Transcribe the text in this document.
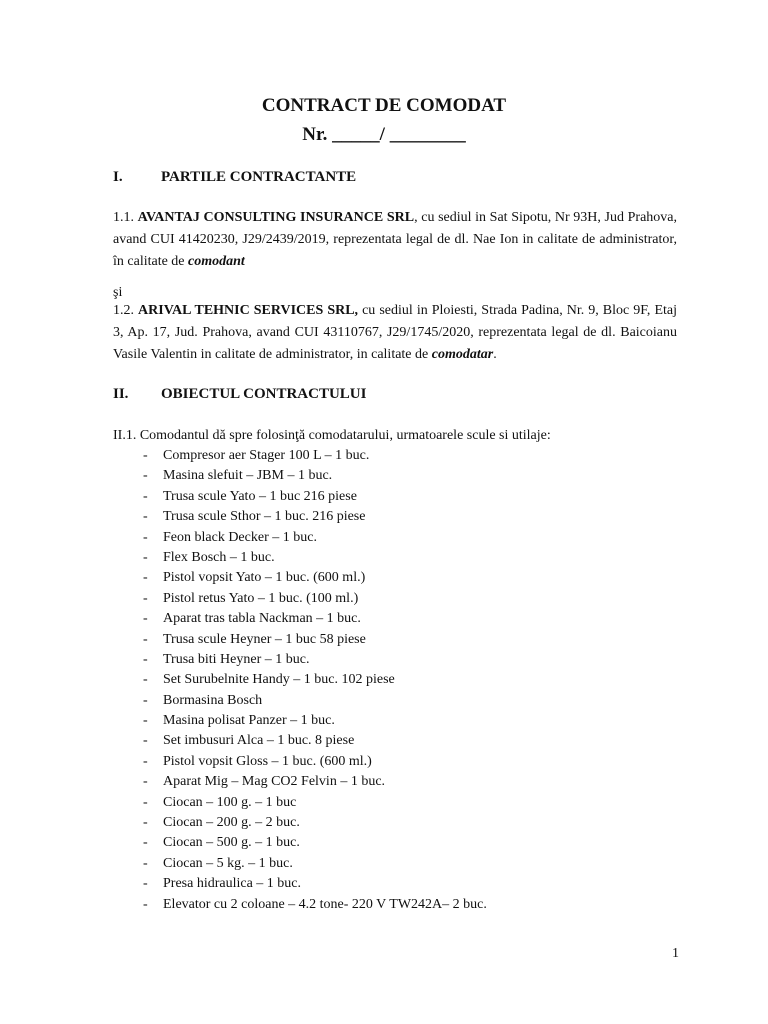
CONTRACT DE COMODAT
Nr. _____/ ________
I.	PARTILE CONTRACTANTE
1.1. AVANTAJ CONSULTING INSURANCE SRL, cu sediul in Sat Sipotu, Nr 93H, Jud Prahova, avand CUI 41420230, J29/2439/2019, reprezentata legal de dl. Nae Ion in calitate de administrator, în calitate de comodant
şi
1.2. ARIVAL TEHNIC SERVICES SRL, cu sediul in Ploiesti, Strada Padina, Nr. 9, Bloc 9F, Etaj 3, Ap. 17, Jud. Prahova, avand CUI 43110767, J29/1745/2020, reprezentata legal de dl. Baicoianu Vasile Valentin in calitate de administrator, in calitate de comodatar.
II. OBIECTUL CONTRACTULUI
II.1. Comodantul dă spre folosinţă comodatarului, urmatoarele scule si utilaje:
- Compresor aer Stager 100 L – 1 buc.
- Masina slefuit – JBM – 1 buc.
- Trusa scule Yato – 1 buc 216 piese
- Trusa scule Sthor – 1 buc. 216 piese
- Feon black Decker – 1 buc.
- Flex Bosch – 1 buc.
- Pistol vopsit Yato – 1 buc. (600 ml.)
- Pistol retus Yato – 1 buc. (100 ml.)
- Aparat tras tabla Nackman – 1 buc.
- Trusa scule Heyner – 1 buc 58 piese
- Trusa biti Heyner – 1 buc.
- Set Surubelnite Handy – 1 buc. 102 piese
- Bormasina Bosch
- Masina polisat Panzer – 1 buc.
- Set imbusuri Alca – 1 buc. 8 piese
- Pistol vopsit Gloss – 1 buc. (600 ml.)
- Aparat Mig – Mag CO2 Felvin – 1 buc.
- Ciocan – 100 g. – 1 buc
- Ciocan – 200 g. – 2 buc.
- Ciocan – 500 g. – 1 buc.
- Ciocan – 5 kg. – 1 buc.
- Presa hidraulica – 1 buc.
- Elevator cu 2 coloane – 4.2 tone- 220 V TW242A– 2 buc.
1
